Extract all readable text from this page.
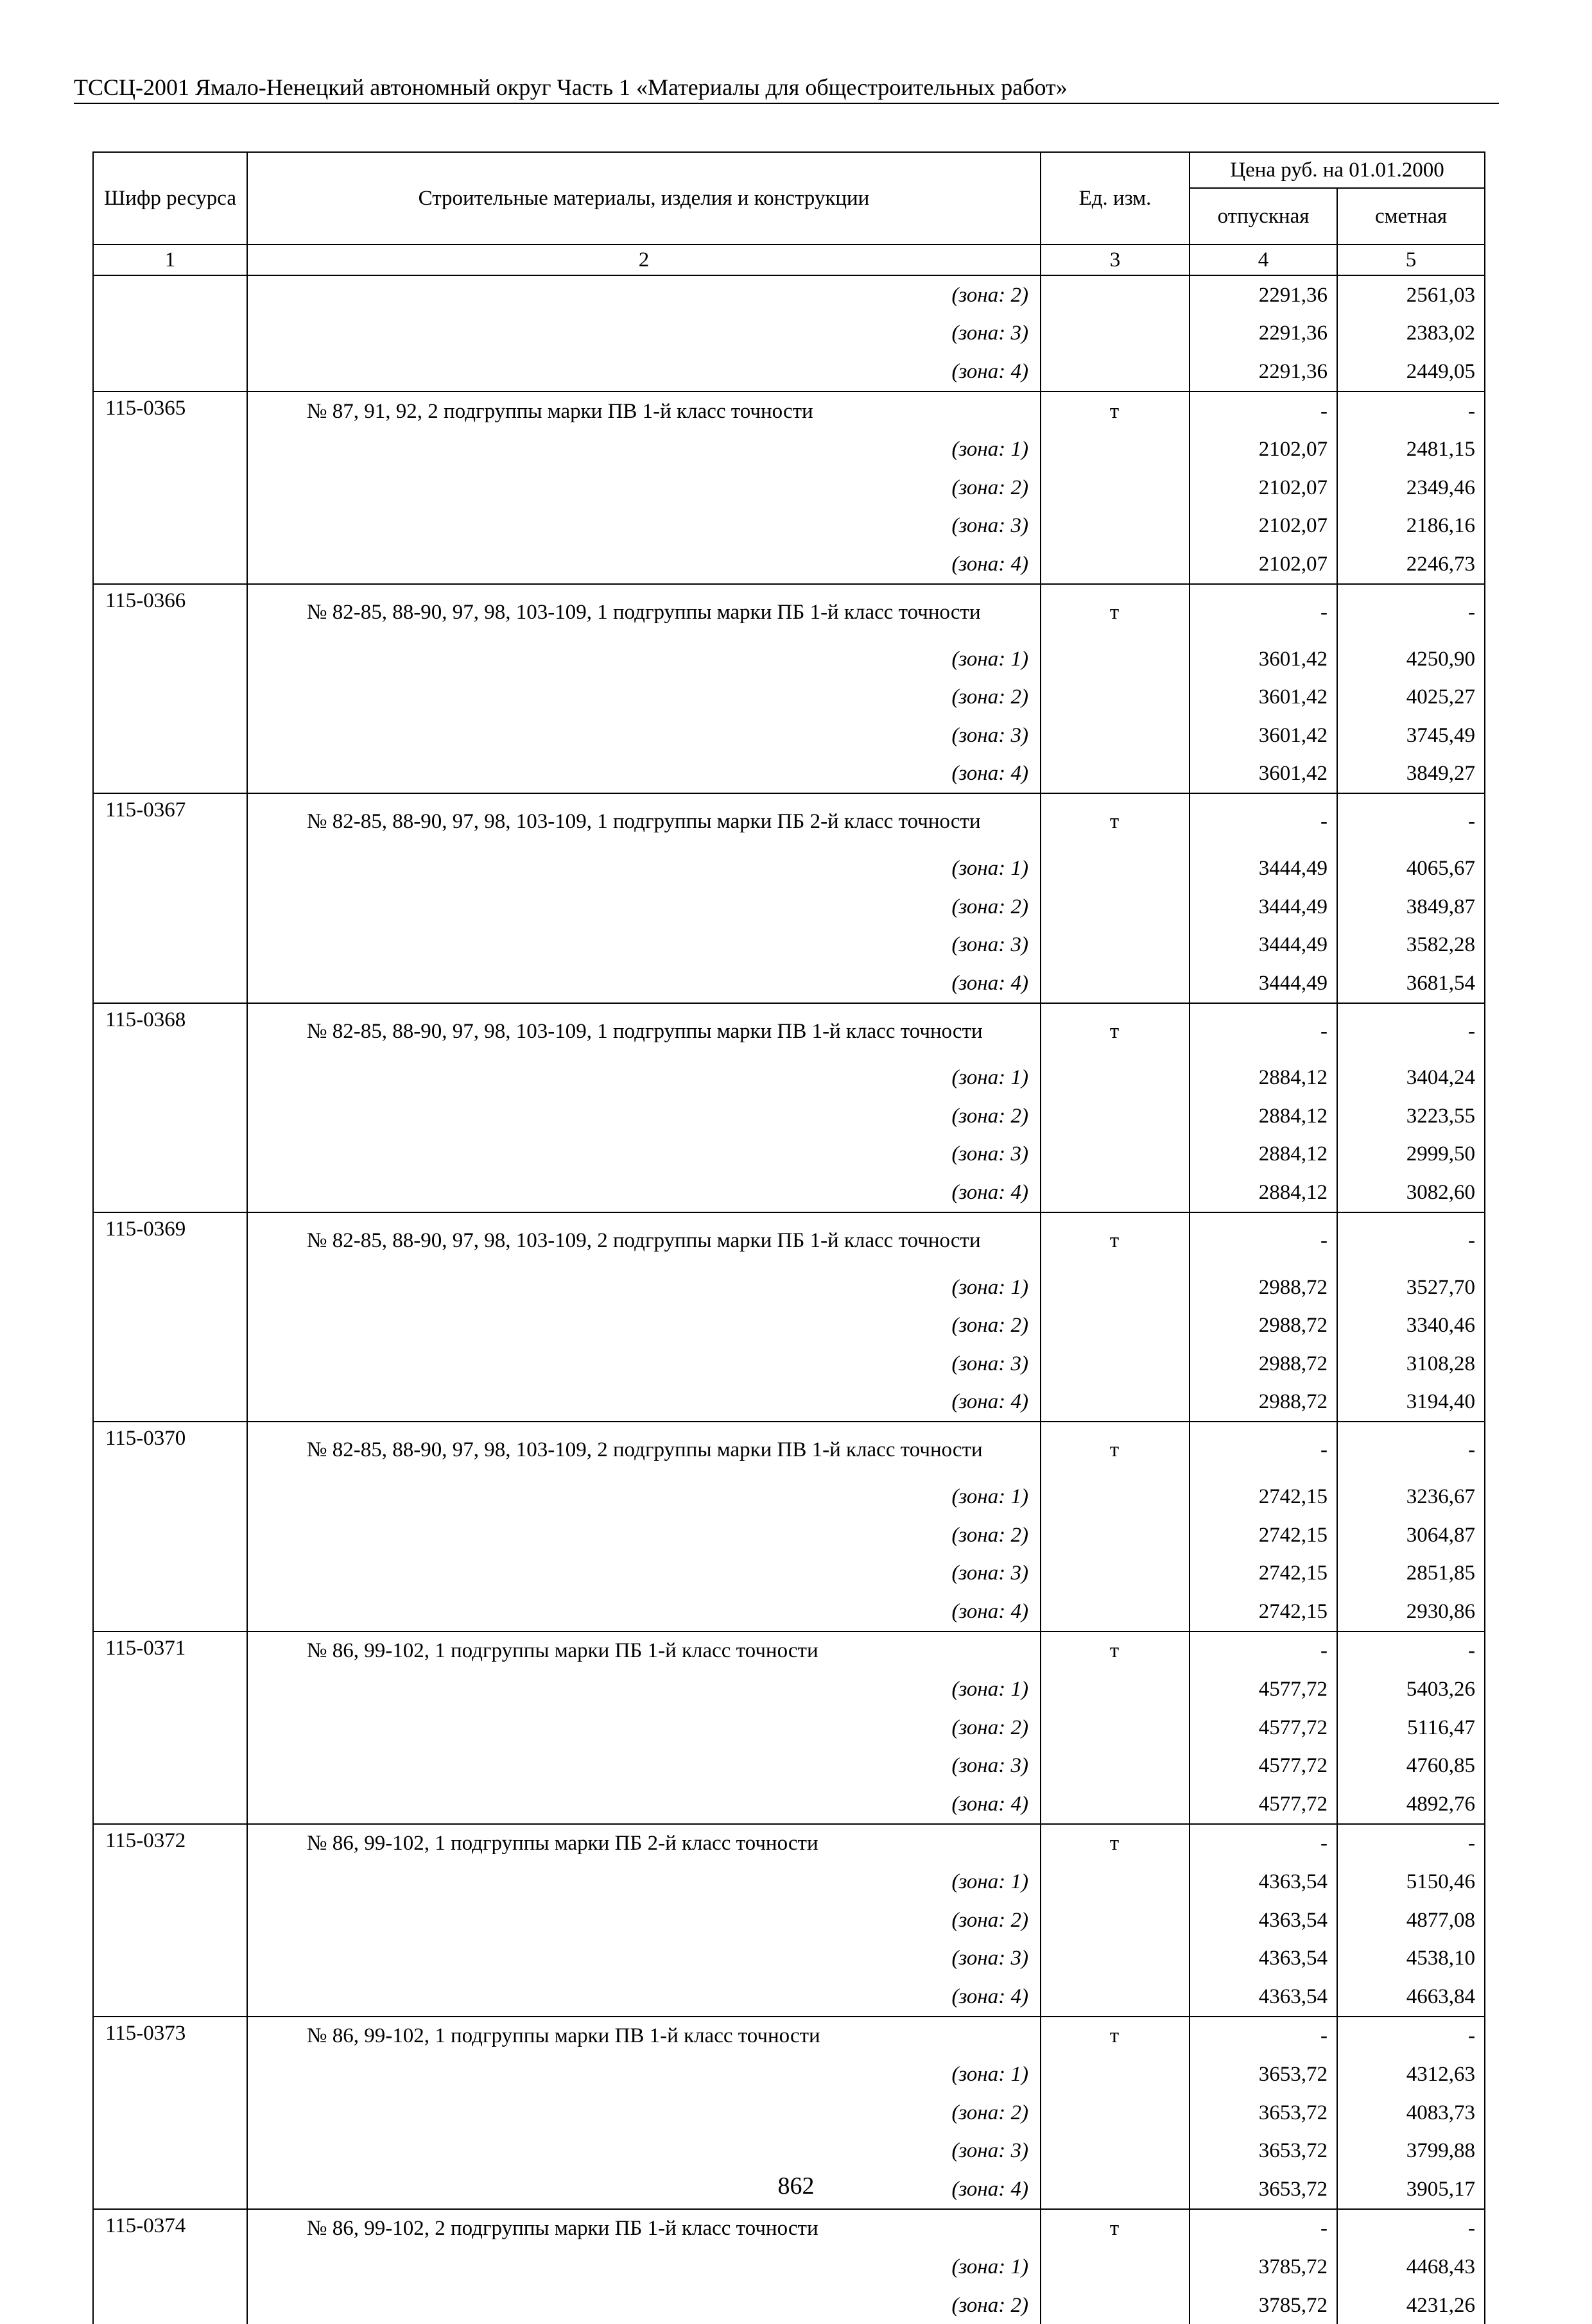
ТССЦ-2001 Ямало-Ненецкий автономный округ Часть 1 «Материалы для общестроительных работ»
Шифр ресурса	Строительные материалы, изделия и конструкции	Ед. изм.	Цена руб. на 01.01.2000	
			отпускная	сметная
1	2	3	4	5
	(зона: 2)		2291,36	2561,03
	(зона: 3)		2291,36	2383,02
	(зона: 4)		2291,36	2449,05
115-0365	№ 87, 91, 92, 2 подгруппы марки ПВ 1-й класс точности	т	-	-
	(зона: 1)		2102,07	2481,15
	(зона: 2)		2102,07	2349,46
	(зона: 3)		2102,07	2186,16
	(зона: 4)		2102,07	2246,73
115-0366	№ 82-85, 88-90, 97, 98, 103-109, 1 подгруппы марки ПБ 1-й класс точности	т	-	-
	(зона: 1)		3601,42	4250,90
	(зона: 2)		3601,42	4025,27
	(зона: 3)		3601,42	3745,49
	(зона: 4)		3601,42	3849,27
115-0367	№ 82-85, 88-90, 97, 98, 103-109, 1 подгруппы марки ПБ 2-й класс точности	т	-	-
	(зона: 1)		3444,49	4065,67
	(зона: 2)		3444,49	3849,87
	(зона: 3)		3444,49	3582,28
	(зона: 4)		3444,49	3681,54
115-0368	№ 82-85, 88-90, 97, 98, 103-109, 1 подгруппы марки ПВ 1-й класс точности	т	-	-
	(зона: 1)		2884,12	3404,24
	(зона: 2)		2884,12	3223,55
	(зона: 3)		2884,12	2999,50
	(зона: 4)		2884,12	3082,60
115-0369	№ 82-85, 88-90, 97, 98, 103-109, 2 подгруппы марки ПБ 1-й класс точности	т	-	-
	(зона: 1)		2988,72	3527,70
	(зона: 2)		2988,72	3340,46
	(зона: 3)		2988,72	3108,28
	(зона: 4)		2988,72	3194,40
115-0370	№ 82-85, 88-90, 97, 98, 103-109, 2 подгруппы марки ПВ 1-й класс точности	т	-	-
	(зона: 1)		2742,15	3236,67
	(зона: 2)		2742,15	3064,87
	(зона: 3)		2742,15	2851,85
	(зона: 4)		2742,15	2930,86
115-0371	№ 86, 99-102, 1 подгруппы марки ПБ 1-й класс точности	т	-	-
	(зона: 1)		4577,72	5403,26
	(зона: 2)		4577,72	5116,47
	(зона: 3)		4577,72	4760,85
	(зона: 4)		4577,72	4892,76
115-0372	№ 86, 99-102, 1 подгруппы марки ПБ 2-й класс точности	т	-	-
	(зона: 1)		4363,54	5150,46
	(зона: 2)		4363,54	4877,08
	(зона: 3)		4363,54	4538,10
	(зона: 4)		4363,54	4663,84
115-0373	№ 86, 99-102, 1 подгруппы марки ПВ 1-й класс точности	т	-	-
	(зона: 1)		3653,72	4312,63
	(зона: 2)		3653,72	4083,73
	(зона: 3)		3653,72	3799,88
	(зона: 4)		3653,72	3905,17
115-0374	№ 86, 99-102, 2 подгруппы марки ПБ 1-й класс точности	т	-	-
	(зона: 1)		3785,72	4468,43
	(зона: 2)		3785,72	4231,26
862
